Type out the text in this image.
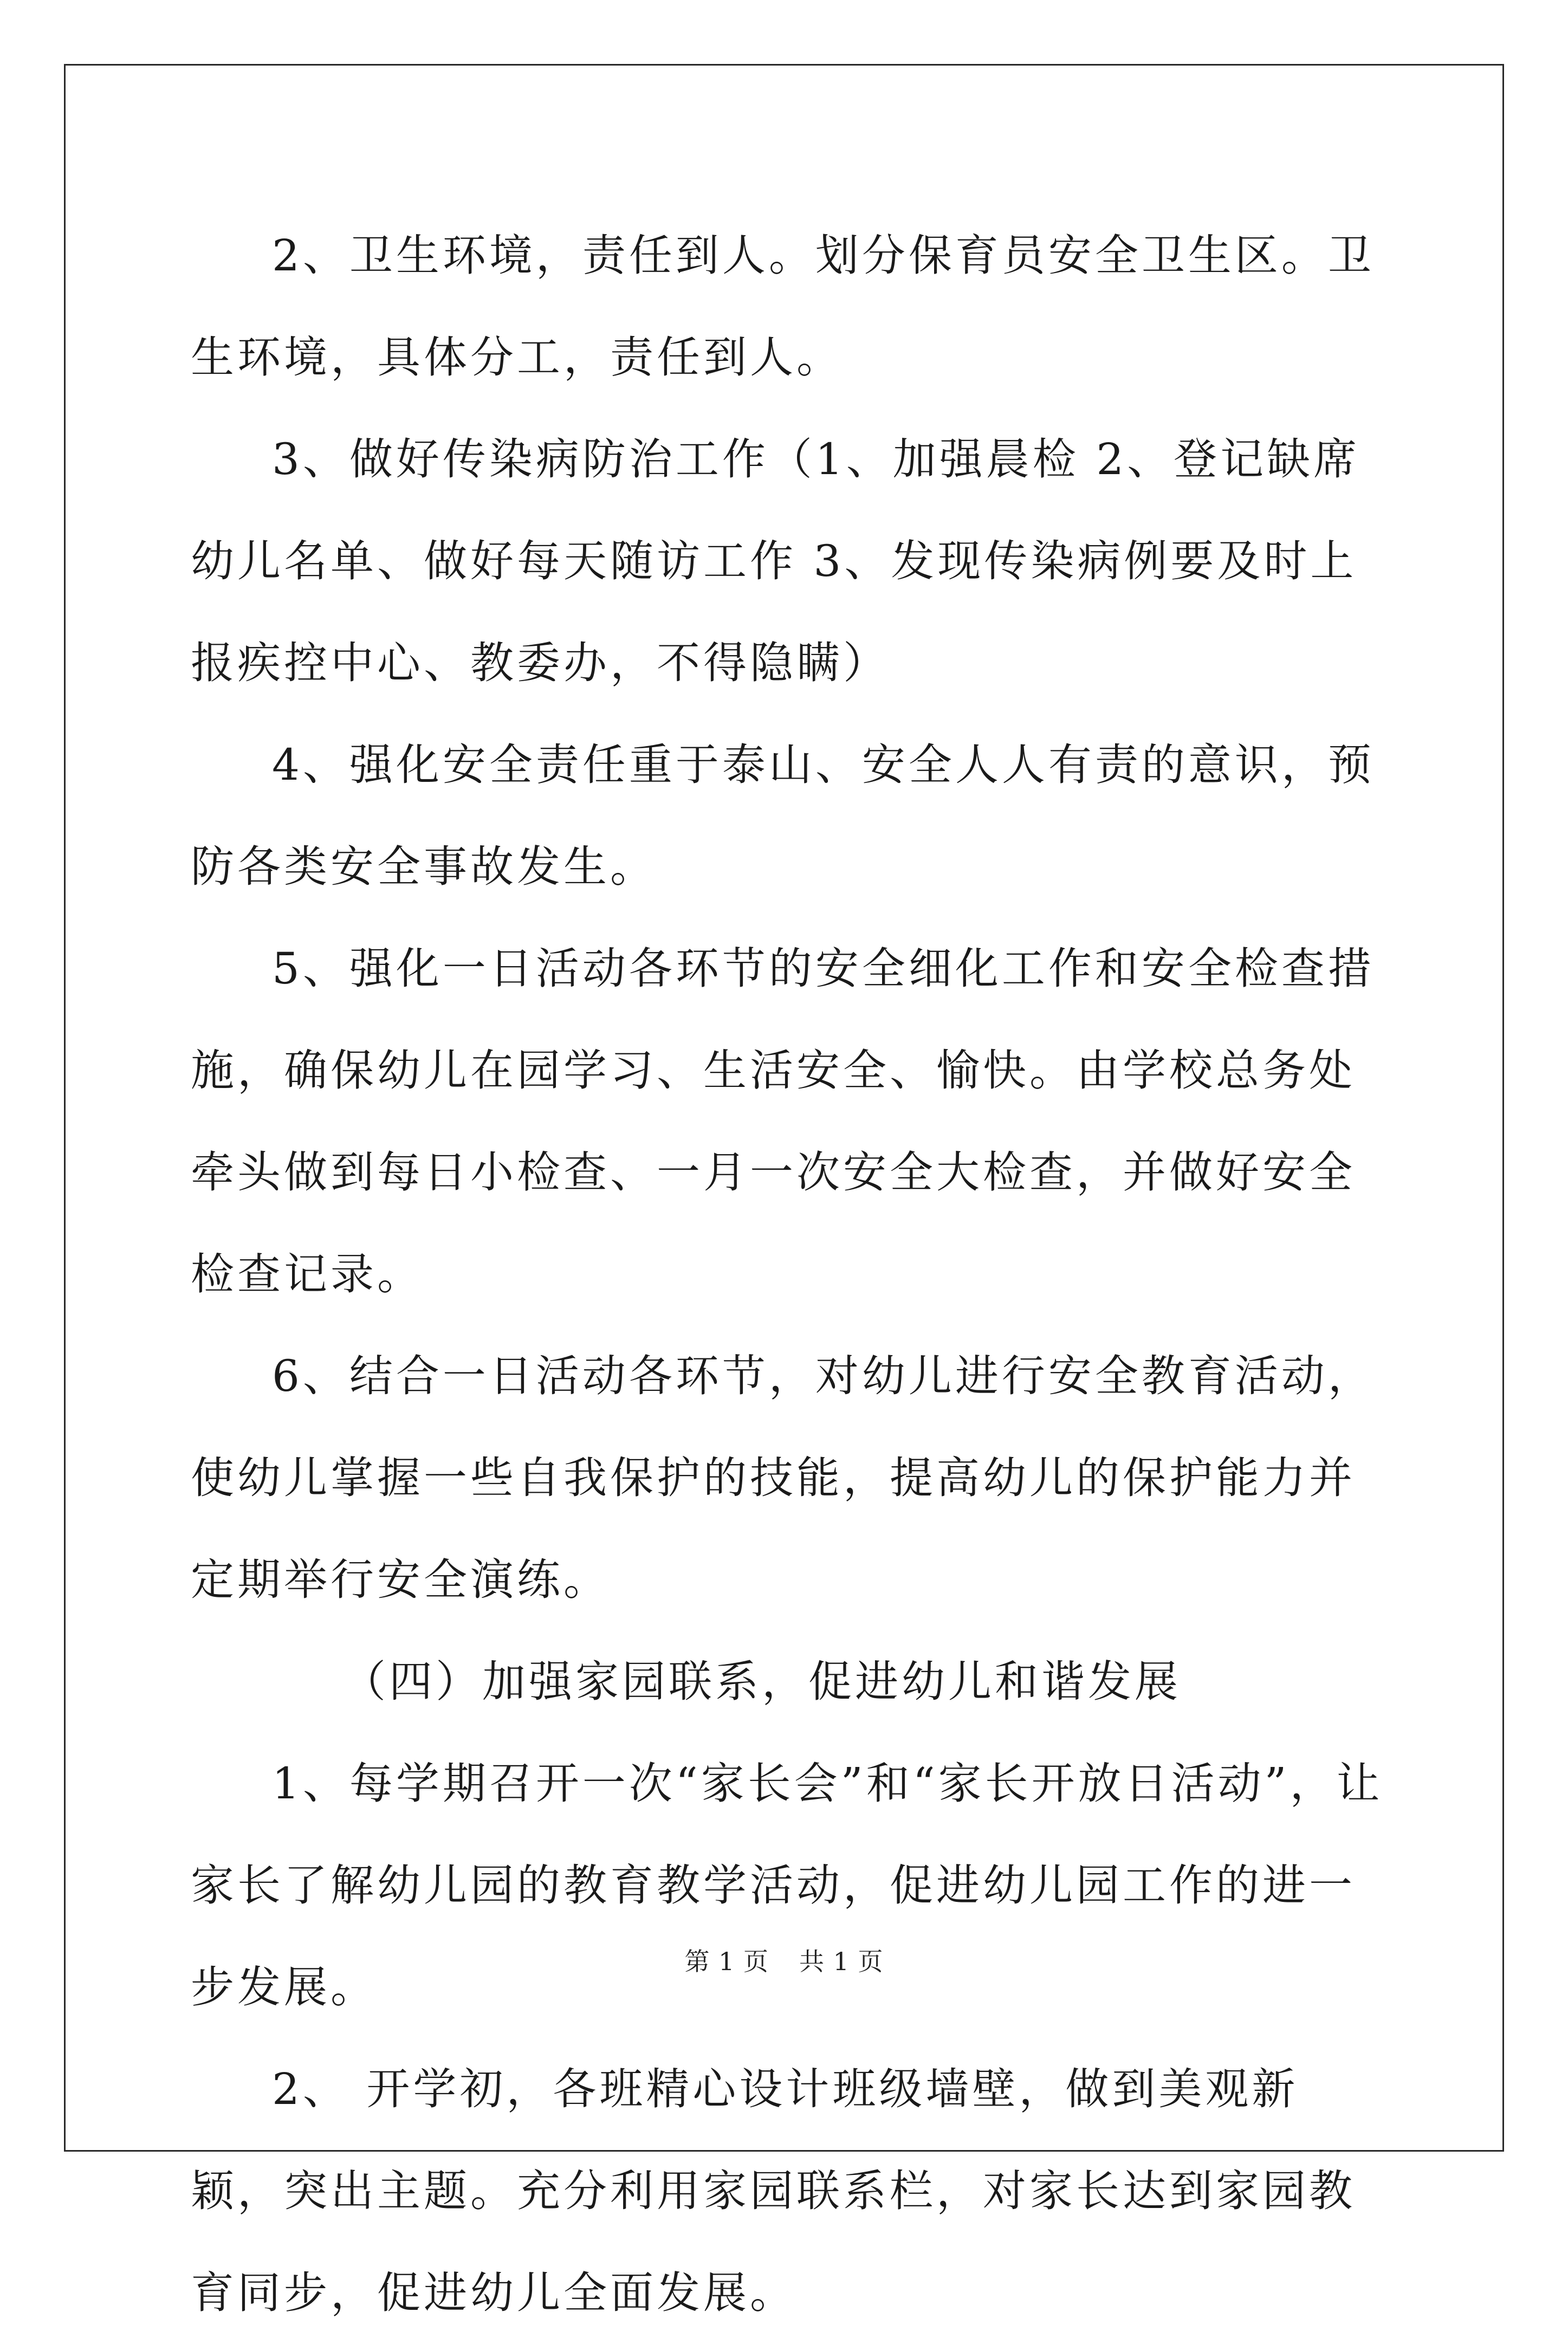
2、卫生环境，责任到人。划分保育员安全卫生区。卫生环境，具体分工，责任到人。

3、做好传染病防治工作（1、加强晨检 2、登记缺席幼儿名单、做好每天随访工作 3、发现传染病例要及时上报疾控中心、教委办，不得隐瞒）

4、强化安全责任重于泰山、安全人人有责的意识，预防各类安全事故发生。

5、强化一日活动各环节的安全细化工作和安全检查措施，确保幼儿在园学习、生活安全、愉快。由学校总务处牵头做到每日小检查、一月一次安全大检查，并做好安全检查记录。

6、结合一日活动各环节，对幼儿进行安全教育活动，使幼儿掌握一些自我保护的技能，提高幼儿的保护能力并定期举行安全演练。

（四）加强家园联系，促进幼儿和谐发展

1、每学期召开一次“家长会”和“家长开放日活动”，让家长了解幼儿园的教育教学活动，促进幼儿园工作的进一步发展。

2、 开学初，各班精心设计班级墙壁，做到美观新颖，突出主题。充分利用家园联系栏，对家长达到家园教育同步，促进幼儿全面发展。

第 1 页 共 1 页
